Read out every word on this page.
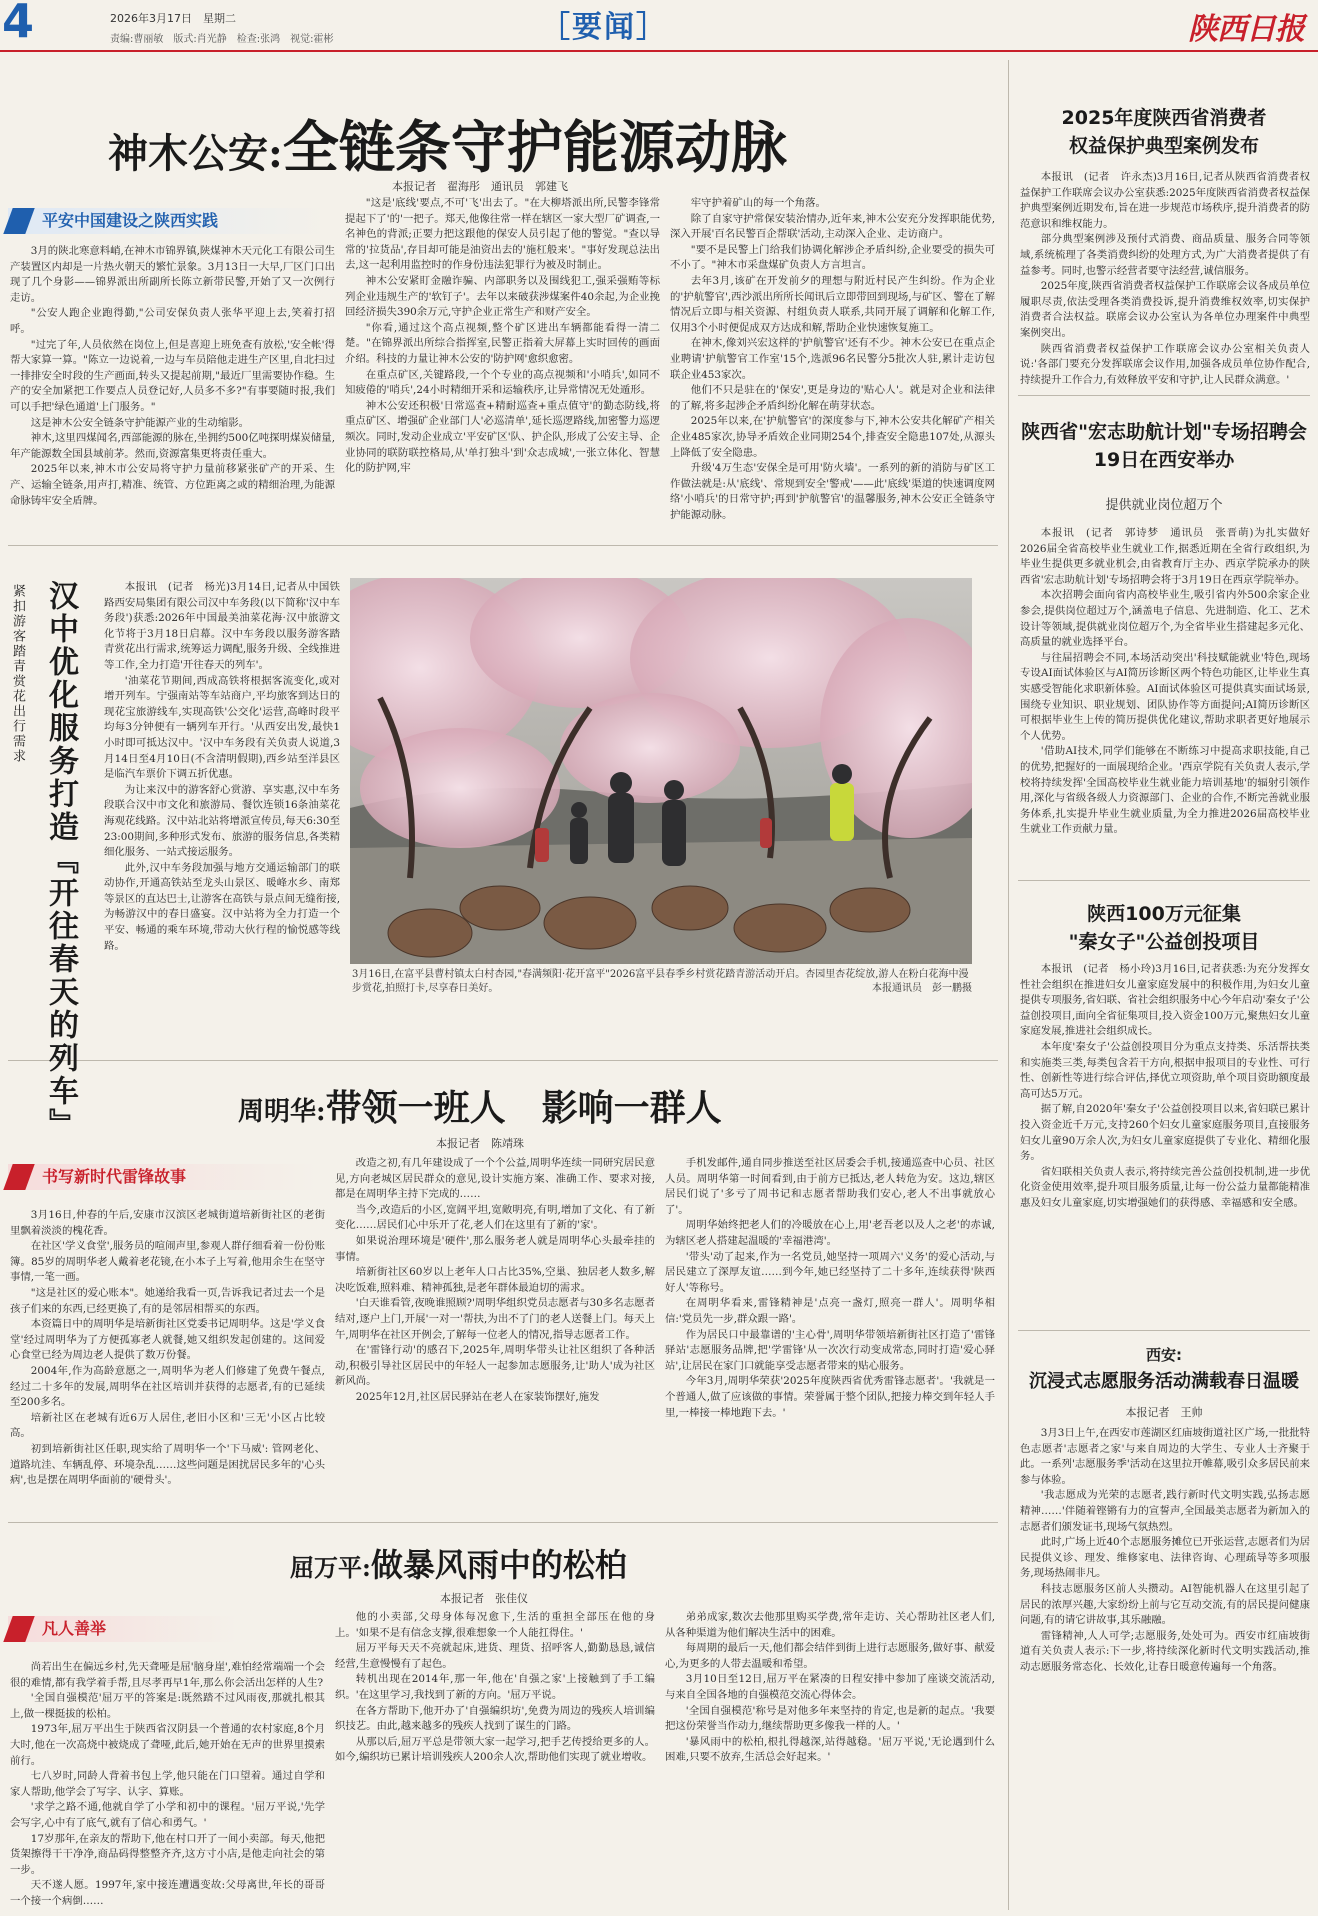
4	2026年3月17日　星期二
责编:曹丽敏　版式:肖光静　检查:张鸿　视觉:霍彬	［要闻］	陕西日报
神木公安:全链条守护能源动脉
本报记者　翟海彤　通讯员　郭建飞
平安中国建设之陕西实践

3月的陕北寒意料峭,在神木市锦界镇,陕煤神木天元化工有限公司生产装置区内却是一片热火朝天的繁忙景象。3月13日一大早,厂区门口出现了几个身影——锦界派出所副所长陈立新带民警,开始了又一次例行走访。

"公安人跑企业跑得勤,"公司安保负责人张华平迎上去,笑着打招呼。

"过完了年,人员依然在岗位上,但是喜迎上班免查有放松,'安全帐'得帮大家算一算。"陈立一边说着,一边与车员陪他走进生产区里,自北扫过一排排安全时段的生产画面,转头又提起前期,"最近厂里需要协作稳。生产的安全加紧把工作要点人员登记好,人员多不多?"有事要随时报,我们可以手把'绿色通道'上门服务。"

这是神木公安全链条守护能源产业的生动缩影。

神木,这里四煤闻名,西部能源的脉在,坐拥约500亿吨探明煤炭储量,年产能源数全国县域前茅。然而,资源富集更将责任重大。

2025年以来,神木市公安局将守护力量前移紧张矿产的开采、生产、运输全链条,用声打,精准、统管、方位距离之或的精细治理,为能源命脉铸牢安全盾牌。

"这是'底线'要点,不可'飞'出去了。"在大柳塔派出所,民警李锋常提起下了'的'一把子。郑天,他像往常一样在辖区一家大型厂矿调查,一名神色的背派;正要力把这跟他的保安人员引起了他的警觉。"查以导常的'拉货品',存目却可能是油资出去的'施杠般来'。"事好发现总法出去,这一起利用监控时的作身份违法犯罪行为被及时制止。

神木公安紧盯金融诈骗、内部职务以及围线犯工,强采强贿等标列企业违规生产的'软钉子'。去年以来破获涉煤案件40余起,为企业挽回经济损失390余万元,守护企业正常生产和财产安全。

"你看,通过这个高点视频,整个矿区进出车辆都能看得一清二楚。"在锦界派出所综合指挥室,民警正指着大屏幕上实时回传的画面介绍。科技的力量让神木公安的'防护网'愈织愈密。

在重点矿区,关键路段,一个个专业的高点视频和'小哨兵',如同不知疲倦的'哨兵',24小时精细开采和运输秩序,让异常情况无处遁形。

神木公安还积极'日常巡查+精耐巡查+重点值守'的勤态防线,将重点矿区、增强矿企业部门人'必巡清单',延长巡逻路线,加密警力巡逻频次。同时,发动企业成立'平安矿区'队、护企队,形成了公安主导、企业协同的联防联控格局,从'单打独斗'到'众志成城',一张立体化、智慧化的防护网,牢

牢守护着矿山的每一个角落。

除了自家守护常保安装治情办,近年来,神木公安充分发挥职能优势,深入开展'百名民警百企帮联'活动,主动深入企业、走访商户。

"要不是民警上门给我们协调化解涉企矛盾纠纷,企业要受的损失可不小了。"神木市采盘煤矿负责人方言坦言。

去年3月,该矿在开发前夕的理想与附近村民产生纠纷。作为企业的'护航警官',西沙派出所所长闻讯后立即带回到现场,与矿区、警在了解情况后立即与相关资源、村组负责人联系,共同开展了调解和化解工作,仅用3个小时便促成双方达成和解,帮助企业快速恢复施工。

在神木,像刘兴宏这样的'护航警官'还有不少。神木公安已在重点企业聘请'护航警官工作室'15个,选派96名民警分5批次人驻,累计走访包联企业453家次。

他们不只是驻在的'保安',更是身边的'贴心人'。就是对企业和法律的了解,将多起涉企矛盾纠纷化解在萌芽状态。

2025年以来,在'护航警官'的深度参与下,神木公安共化解矿产相关企业485家次,协导矛盾效企业同期254个,排查安全隐患107处,从源头上降低了安全隐患。

升级'4万生态'安保全是可用'防火墙'。一系列的新的消防与矿区工作做法就是:从'底线'、常规到安全'警戒'——此'底线'渠道的快速调度网络'小哨兵'的日常守护;再到'护航警官'的温馨服务,神木公安正全链条守护能源动脉。

紧扣游客踏青赏花出行需求 汉中优化服务打造『开往春天的列车』	本报讯　(记者　杨光)3月14日,记者从中国铁路西安局集团有限公司汉中车务段(以下简称'汉中车务段')获悉:2026年中国最美油菜花海·汉中旅游文化节将于3月18日启幕。汉中车务段以服务游客踏青赏花出行需求,统筹运力调配,服务升级、全线推进等工作,全力打造'开往春天的列车'。

'油菜花节期间,西成高铁将根据客流变化,或对增开列车。宁强南站等车站商户,平均旅客到达日的现花宝旅游线车,实现高铁'公交化'运营,高峰时段平均每3分钟便有一辆列车开行。'从西安出发,最快1小时即可抵达汉中。'汉中车务段有关负责人说道,3月14日至4月10日(不含清明假期),西乡站至洋县区是临汽车票价下调五折优惠。

为让来汉中的游客舒心赏游、享实惠,汉中车务段联合汉中市文化和旅游局、餐饮连锁16条油菜花海观花线路。汉中站北站将增派宣传员,每天6:30至23:00期间,多种形式发布、旅游的服务信息,各类精细化服务、一站式接运服务。

此外,汉中车务段加强与地方交通运输部门的联动协作,开通高铁站至龙头山景区、暖峰水乡、南郑等景区的直达巴士,让游客在高铁与景点间无缝衔接,为畅游汉中的春日盛宴。汉中站将为全力打造一个平安、畅通的乘车环境,带动大伙行程的愉悦感等线路。

3月16日,在富平县曹村镇太白村杏园,"春满频阳·花开富平"2026富平县春季乡村赏花踏青游活动开启。杏园里杏花绽放,游人在粉白花海中漫步赏花,拍照打卡,尽享春日美好。	本报通讯员　彭一鹏摄
周明华:带领一班人　影响一群人
本报记者　陈靖珠
书写新时代雷锋故事

3月16日,仲春的午后,安康市汉滨区老城街道培新街社区的老街里飘着淡淡的槐花香。

在社区'学义食堂',服务员的喧闹声里,参观人群仔细看着一份份账簿。85岁的周明华老人戴着老花镜,在小本子上写着,他用余生在坚守事情,一笔一画。

"这是社区的爱心账本"。她递给我看一页,告诉我记者过去一个是孩子们来的东西,已经更换了,有的是邻居相帮买的东西。

本资篇日中的周明华是培新街社区党委书记周明华。这是'学义食堂'经过周明华为了方便孤寡老人就餐,她又组织发起创建的。这间爱心食堂已经为周边老人提供了数万份餐。

2004年,作为高龄意愿之一,周明华为老人们修建了免费午餐点,经过二十多年的发展,周明华在社区培训并获得的志愿者,有的已延续至200多名。

培新社区在老城有近6万人居住,老旧小区和'三无'小区占比较高。

初到培新街社区任职,现实给了周明华一个'下马威': 管网老化、道路坑洼、车辆乱停、环境杂乱……这些问题是困扰居民多年的'心头病',也是摆在周明华面前的'硬骨头'。

改造之初,有几年建设成了一个个公益,周明华连续一同研究居民意见,方向老城区居民群众的意见,设计实施方案、准确工作、要求对接,都是在周明华主持下完成的……

当今,改造后的小区,宽阔平坦,宽敞明亮,有明,增加了文化、有了新变化……居民们心中乐开了花,老人们在这里有了新的'家'。

如果说治理环境是'硬件',那么服务老人就是周明华心头最牵挂的事情。

培新街社区60岁以上老年人口占比35%,空巢、独居老人数多,解决吃饭难,照料难、精神孤独,是老年群体最迫切的需求。

'白天谁看管,夜晚谁照顾?'周明华组织党员志愿者与30多名志愿者结对,逐户上门,开展'一对一'帮扶,为出不了门的老人送餐上门。每天上午,周明华在社区开例会,了解每一位老人的情况,指导志愿者工作。

在'雷锋行动'的感召下,2025年,周明华带头让社区组织了各种活动,积极引导社区居民中的年轻人一起参加志愿服务,让'助人'成为社区新风尚。

2025年12月,社区居民驿站在老人在家装饰摆好,施发

手机发邮件,通自同步推送至社区居委会手机,接通巡查中心员、社区人员。周明华第一时间看到,由于前方已抵达,老人转危为安。这边,辖区居民们说了'多亏了周书记和志愿者帮助我们安心,老人不出事就放心了'。

周明华始终把老人们的冷暖放在心上,用'老吾老以及人之老'的赤诚,为辖区老人搭建起温暖的'幸福港湾'。

'带头'动了起来,作为一名党员,她坚持一项周六'义务'的爱心活动,与居民建立了深厚友谊……到今年,她已经坚持了二十多年,连续获得'陕西好人'等称号。

在周明华看来,雷锋精神是'点亮一盏灯,照亮一群人'。周明华相信:'党员先一步,群众跟一路'。

作为居民口中最靠谱的'主心骨',周明华带领培新街社区打造了'雷锋驿站'志愿服务品牌,把'学雷锋'从一次次行动变成常态,同时打造'爱心驿站',让居民在家门口就能享受志愿者带来的贴心服务。

今年3月,周明华荣获'2025年度陕西省优秀雷锋志愿者'。'我就是一个普通人,做了应该做的事情。荣誉属于整个团队,把接力棒交到年轻人手里,一棒接一棒地跑下去。'

屈万平:做暴风雨中的松柏
本报记者　张佳仪
凡人善举

尚若出生在偏远乡村,先天聋哑是屈'脑身崖',难怕经常端端一个会很的难情,都有我学着手帮,且尽孝再早1年,那么你会活出怎样的人生?

'全国自强模范'屈万平的答案是:既然踏不过风雨夜,那就扎根其上,做一棵挺拔的松柏。

1973年,屈万平出生于陕西省汉阴县一个普通的农村家庭,8个月大时,他在一次高烧中被烧成了聋哑,此后,她开始在无声的世界里摸索前行。

七八岁时,同龄人背着书包上学,他只能在门口望着。通过自学和家人帮助,他学会了写字、认字、算账。

'求学之路不通,他就自学了小学和初中的课程。'屈万平说,'先学会写字,心中有了底气,就有了信心和勇气。'

17岁那年,在亲友的帮助下,他在村口开了一间小卖部。每天,他把货架擦得干干净净,商品码得整整齐齐,这方寸小店,是他走向社会的第一步。

天不遂人愿。1997年,家中接连遭遇变故:父母离世,年长的哥哥一个接一个病倒……

他的小卖部,父母身体每况愈下,生活的重担全部压在他的身上。'如果不是有信念支撑,很难想象一个人能扛得住。'

屈万平每天天不亮就起床,进货、理货、招呼客人,勤勤恳恳,诚信经营,生意慢慢有了起色。

转机出现在2014年,那一年,他在'自强之家'上接触到了手工编织。'在这里学习,我找到了新的方向。'屈万平说。

在各方帮助下,他开办了'自强编织坊',免费为周边的残疾人培训编织技艺。由此,越来越多的残疾人找到了谋生的门路。

从那以后,屈万平总是带领大家一起学习,把手艺传授给更多的人。如今,编织坊已累计培训残疾人200余人次,帮助他们实现了就业增收。

弟弟成家,数次去他那里购买学费,常年走访、关心帮助社区老人们,从各种渠道为他们解决生活中的困难。

每周期的最后一天,他们都会结伴到街上进行志愿服务,做好事、献爱心,为更多的人带去温暖和希望。

3月10日至12日,屈万平在紧凑的日程安排中参加了座谈交流活动,与来自全国各地的自强模范交流心得体会。

'全国自强模范'称号是对他多年来坚持的肯定,也是新的起点。'我要把这份荣誉当作动力,继续帮助更多像我一样的人。'

'暴风雨中的松柏,根扎得越深,站得越稳。'屈万平说,'无论遇到什么困难,只要不放弃,生活总会好起来。'

2025年度陕西省消费者
权益保护典型案例发布

本报讯　(记者　许永杰)3月16日,记者从陕西省消费者权益保护工作联席会议办公室获悉:2025年度陕西省消费者权益保护典型案例近期发布,旨在进一步规范市场秩序,提升消费者的防范意识和维权能力。

部分典型案例涉及预付式消费、商品质量、服务合同等领域,系统梳理了各类消费纠纷的处理方式,为广大消费者提供了有益参考。同时,也警示经营者要守法经营,诚信服务。

2025年度,陕西省消费者权益保护工作联席会议各成员单位履职尽责,依法受理各类消费投诉,提升消费维权效率,切实保护消费者合法权益。联席会议办公室认为各单位办理案件中典型案例突出。

陕西省消费者权益保护工作联席会议办公室相关负责人说:'各部门要充分发挥联席会议作用,加强各成员单位协作配合,持续提升工作合力,有效释放平安和守护,让人民群众满意。'

陕西省"宏志助航计划"专场招聘会
19日在西安举办
提供就业岗位超万个

本报讯　(记者　郭诗梦　通讯员　张晋萌)为扎实做好2026届全省高校毕业生就业工作,据悉近期在全省行政组织,为毕业生提供更多就业机会,由省教育厅主办、西京学院承办的陕西省'宏志助航计划'专场招聘会将于3月19日在西京学院举办。

本次招聘会面向省内高校毕业生,吸引省内外500余家企业参会,提供岗位超过万个,涵盖电子信息、先进制造、化工、艺术设计等领域,提供就业岗位超万个,为全省毕业生搭建起多元化、高质量的就业选择平台。

与往届招聘会不同,本场活动突出'科技赋能就业'特色,现场专设AI面试体验区与AI简历诊断区两个特色功能区,让毕业生真实感受智能化求职新体验。AI面试体验区可提供真实面试场景,围绕专业知识、职业规划、团队协作等方面提问;AI简历诊断区可根据毕业生上传的简历提供优化建议,帮助求职者更好地展示个人优势。

'借助AI技术,同学们能够在不断练习中提高求职技能,自己的优势,把握好的一面展现给企业。'西京学院有关负责人表示,学校将持续发挥'全国高校毕业生就业能力培训基地'的辐射引领作用,深化与省级各级人力资源部门、企业的合作,不断完善就业服务体系,扎实提升毕业生就业质量,为全力推进2026届高校毕业生就业工作贡献力量。

陕西100万元征集
"秦女子"公益创投项目

本报讯　(记者　杨小玲)3月16日,记者获悉:为充分发挥女性社会组织在推进妇女儿童家庭发展中的积极作用,为妇女儿童提供专项服务,省妇联、省社会组织服务中心今年启动'秦女子'公益创投项目,面向全省征集项目,投入资金100万元,聚焦妇女儿童家庭发展,推进社会组织成长。

本年度'秦女子'公益创投项目分为重点支持类、乐活帮扶类和实施类三类,每类包含若干方向,根据申报项目的专业性、可行性、创新性等进行综合评估,择优立项资助,单个项目资助额度最高可达5万元。

据了解,自2020年'秦女子'公益创投项目以来,省妇联已累计投入资金近千万元,支持260个妇女儿童家庭服务项目,直接服务妇女儿童90万余人次,为妇女儿童家庭提供了专业化、精细化服务。

省妇联相关负责人表示,将持续完善公益创投机制,进一步优化资金使用效率,提升项目服务质量,让每一份公益力量都能精准惠及妇女儿童家庭,切实增强她们的获得感、幸福感和安全感。

西安:
沉浸式志愿服务活动满载春日温暖
本报记者　王帅

3月3日上午,在西安市莲湖区红庙坡街道社区广场,一批批特色志愿者'志愿者之家'与来自周边的大学生、专业人士齐聚于此。一系列'志愿服务季'活动在这里拉开帷幕,吸引众多居民前来参与体验。

'我志愿成为光荣的志愿者,践行新时代文明实践,弘扬志愿精神……'伴随着铿锵有力的宣誓声,全国最美志愿者为新加入的志愿者们颁发证书,现场气氛热烈。

此时,广场上近40个志愿服务摊位已开张运营,志愿者们为居民提供义诊、理发、维修家电、法律咨询、心理疏导等多项服务,现场热闹非凡。

科技志愿服务区前人头攒动。AI智能机器人在这里引起了居民的浓厚兴趣,大家纷纷上前与它互动交流,有的居民提问健康问题,有的请它讲故事,其乐融融。

雷锋精神,人人可学;志愿服务,处处可为。西安市红庙坡街道有关负责人表示:下一步,将持续深化新时代文明实践活动,推动志愿服务常态化、长效化,让春日暖意传遍每一个角落。
